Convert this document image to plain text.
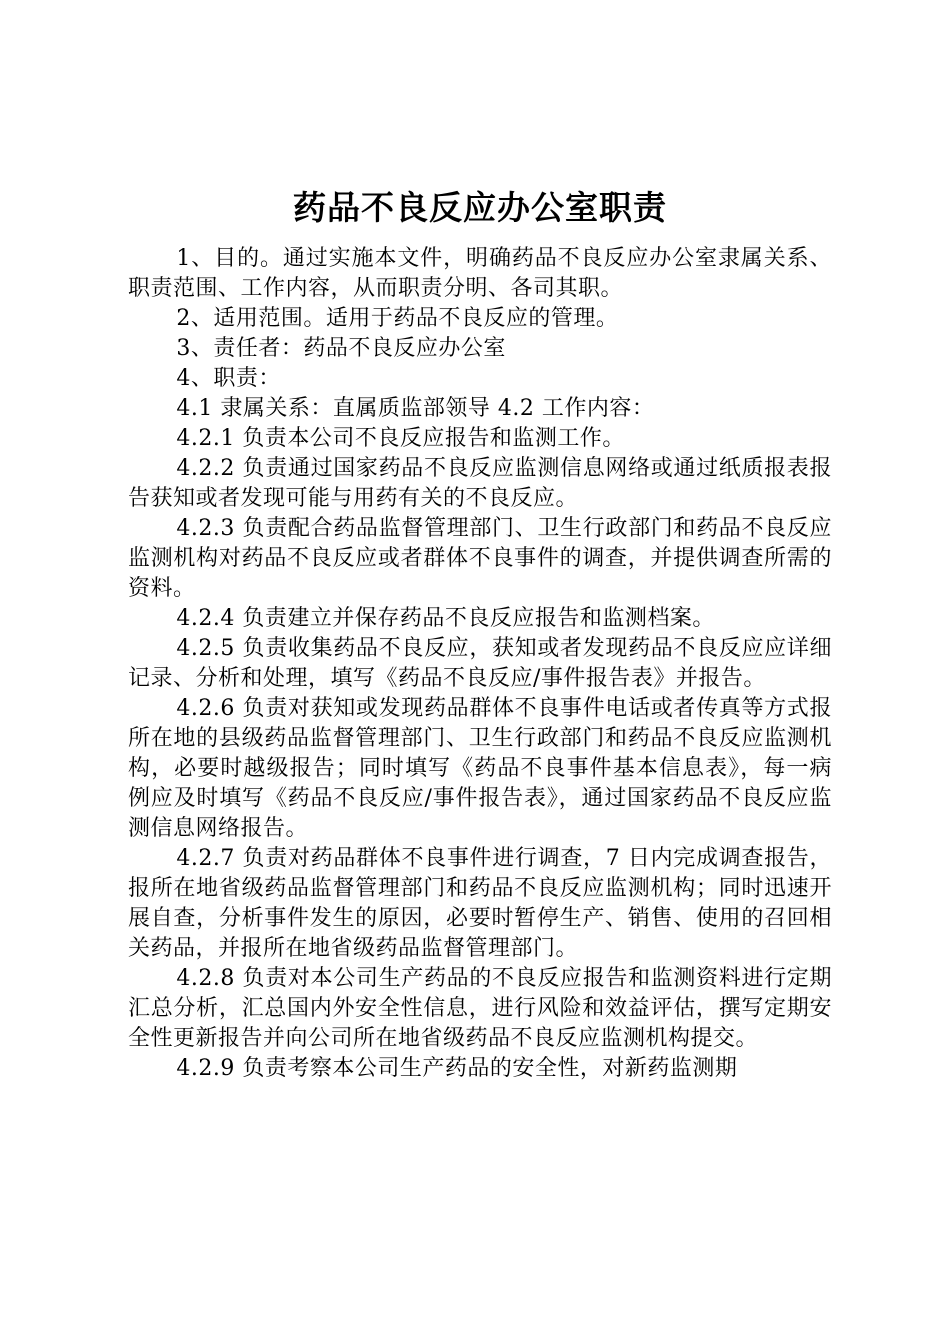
药品不良反应办公室职责

1、目的。通过实施本文件，明确药品不良反应办公室隶属关系、职责范围、工作内容，从而职责分明、各司其职。

2、适用范围。适用于药品不良反应的管理。

3、责任者：药品不良反应办公室

4、职责：

4.1 隶属关系：直属质监部领导 4.2 工作内容：

4.2.1 负责本公司不良反应报告和监测工作。

4.2.2 负责通过国家药品不良反应监测信息网络或通过纸质报表报告获知或者发现可能与用药有关的不良反应。

4.2.3 负责配合药品监督管理部门、卫生行政部门和药品不良反应监测机构对药品不良反应或者群体不良事件的调查，并提供调查所需的资料。

4.2.4 负责建立并保存药品不良反应报告和监测档案。

4.2.5 负责收集药品不良反应，获知或者发现药品不良反应应详细记录、分析和处理，填写《药品不良反应/事件报告表》并报告。

4.2.6 负责对获知或发现药品群体不良事件电话或者传真等方式报所在地的县级药品监督管理部门、卫生行政部门和药品不良反应监测机构，必要时越级报告；同时填写《药品不良事件基本信息表》，每一病例应及时填写《药品不良反应/事件报告表》，通过国家药品不良反应监测信息网络报告。

4.2.7 负责对药品群体不良事件进行调查，7 日内完成调查报告，报所在地省级药品监督管理部门和药品不良反应监测机构；同时迅速开展自查，分析事件发生的原因，必要时暂停生产、销售、使用的召回相关药品，并报所在地省级药品监督管理部门。

4.2.8 负责对本公司生产药品的不良反应报告和监测资料进行定期汇总分析，汇总国内外安全性信息，进行风险和效益评估，撰写定期安全性更新报告并向公司所在地省级药品不良反应监测机构提交。

4.2.9 负责考察本公司生产药品的安全性，对新药监测期
